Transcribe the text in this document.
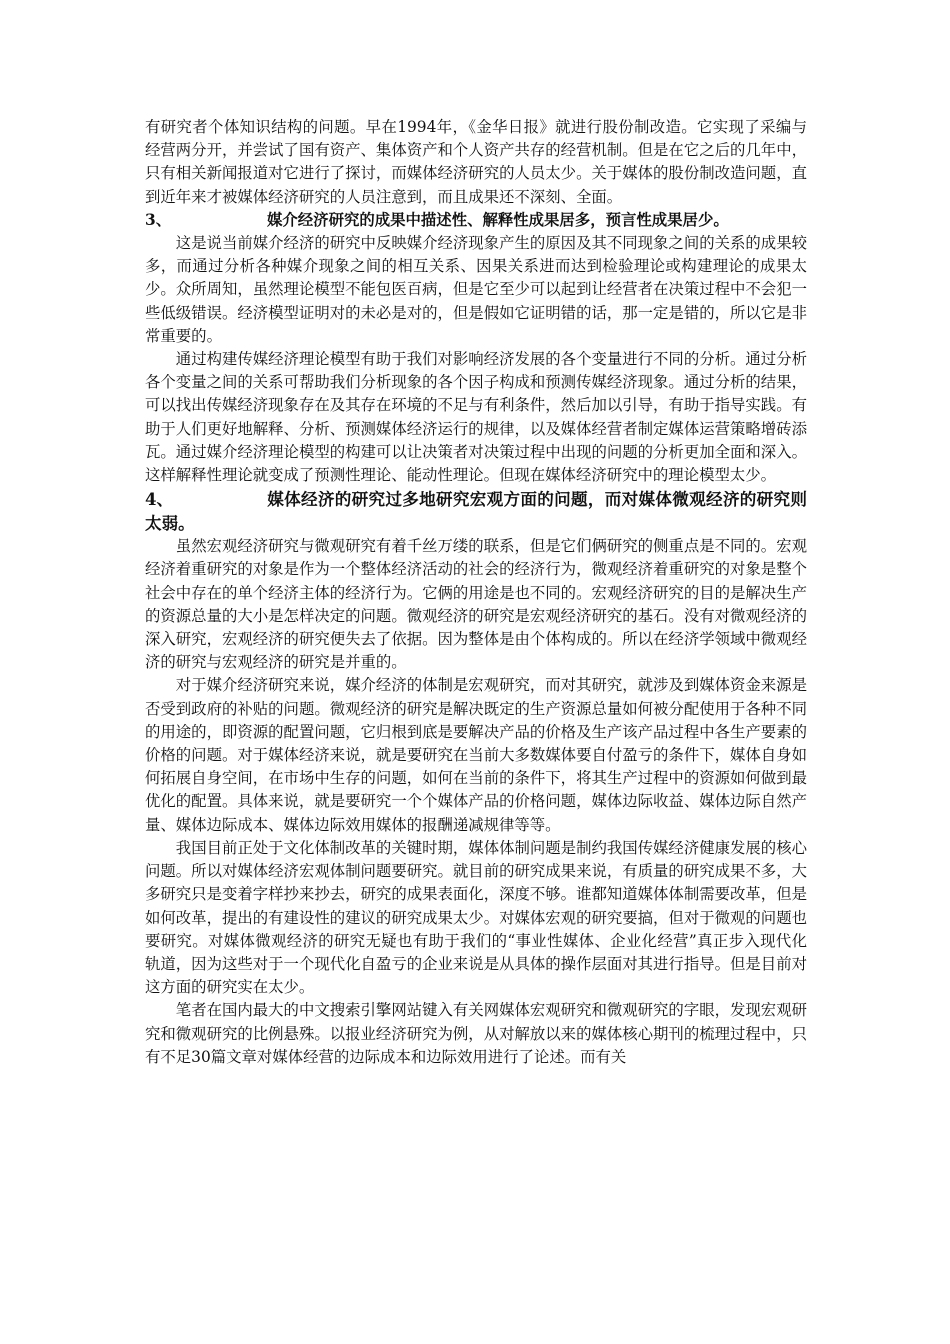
有研究者个体知识结构的问题。早在1994年，《金华日报》就进行股份制改造。它实现了采编与经营两分开，并尝试了国有资产、集体资产和个人资产共存的经营机制。但是在它之后的几年中，只有相关新闻报道对它进行了探讨，而媒体经济研究的人员太少。关于媒体的股份制改造问题，直到近年来才被媒体经济研究的人员注意到，而且成果还不深刻、全面。

3、	媒介经济研究的成果中描述性、解释性成果居多，预言性成果居少。

这是说当前媒介经济的研究中反映媒介经济现象产生的原因及其不同现象之间的关系的成果较多，而通过分析各种媒介现象之间的相互关系、因果关系进而达到检验理论或构建理论的成果太少。众所周知，虽然理论模型不能包医百病，但是它至少可以起到让经营者在决策过程中不会犯一些低级错误。经济模型证明对的未必是对的，但是假如它证明错的话，那一定是错的，所以它是非常重要的。

通过构建传媒经济理论模型有助于我们对影响经济发展的各个变量进行不同的分析。通过分析各个变量之间的关系可帮助我们分析现象的各个因子构成和预测传媒经济现象。通过分析的结果，可以找出传媒经济现象存在及其存在环境的不足与有利条件，然后加以引导，有助于指导实践。有助于人们更好地解释、分析、预测媒体经济运行的规律，以及媒体经营者制定媒体运营策略增砖添瓦。通过媒介经济理论模型的构建可以让决策者对决策过程中出现的问题的分析更加全面和深入。这样解释性理论就变成了预测性理论、能动性理论。但现在媒体经济研究中的理论模型太少。

4、	媒体经济的研究过多地研究宏观方面的问题，而对媒体微观经济的研究则太弱。

虽然宏观经济研究与微观研究有着千丝万缕的联系，但是它们俩研究的侧重点是不同的。宏观经济着重研究的对象是作为一个整体经济活动的社会的经济行为，微观经济着重研究的对象是整个社会中存在的单个经济主体的经济行为。它俩的用途是也不同的。宏观经济研究的目的是解决生产的资源总量的大小是怎样决定的问题。微观经济的研究是宏观经济研究的基石。没有对微观经济的深入研究，宏观经济的研究便失去了依据。因为整体是由个体构成的。所以在经济学领域中微观经济的研究与宏观经济的研究是并重的。

对于媒介经济研究来说，媒介经济的体制是宏观研究，而对其研究，就涉及到媒体资金来源是否受到政府的补贴的问题。微观经济的研究是解决既定的生产资源总量如何被分配使用于各种不同的用途的，即资源的配置问题，它归根到底是要解决产品的价格及生产该产品过程中各生产要素的价格的问题。对于媒体经济来说，就是要研究在当前大多数媒体要自付盈亏的条件下，媒体自身如何拓展自身空间，在市场中生存的问题，如何在当前的条件下，将其生产过程中的资源如何做到最优化的配置。具体来说，就是要研究一个个媒体产品的价格问题，媒体边际收益、媒体边际自然产量、媒体边际成本、媒体边际效用媒体的报酬递减规律等等。

我国目前正处于文化体制改革的关键时期，媒体体制问题是制约我国传媒经济健康发展的核心问题。所以对媒体经济宏观体制问题要研究。就目前的研究成果来说，有质量的研究成果不多，大多研究只是变着字样抄来抄去，研究的成果表面化，深度不够。谁都知道媒体体制需要改革，但是如何改革，提出的有建设性的建议的研究成果太少。对媒体宏观的研究要搞，但对于微观的问题也要研究。对媒体微观经济的研究无疑也有助于我们的“事业性媒体、企业化经营”真正步入现代化轨道，因为这些对于一个现代化自盈亏的企业来说是从具体的操作层面对其进行指导。但是目前对这方面的研究实在太少。

笔者在国内最大的中文搜索引擎网站键入有关网媒体宏观研究和微观研究的字眼，发现宏观研究和微观研究的比例悬殊。以报业经济研究为例，从对解放以来的媒体核心期刊的梳理过程中，只有不足30篇文章对媒体经营的边际成本和边际效用进行了论述。而有关
